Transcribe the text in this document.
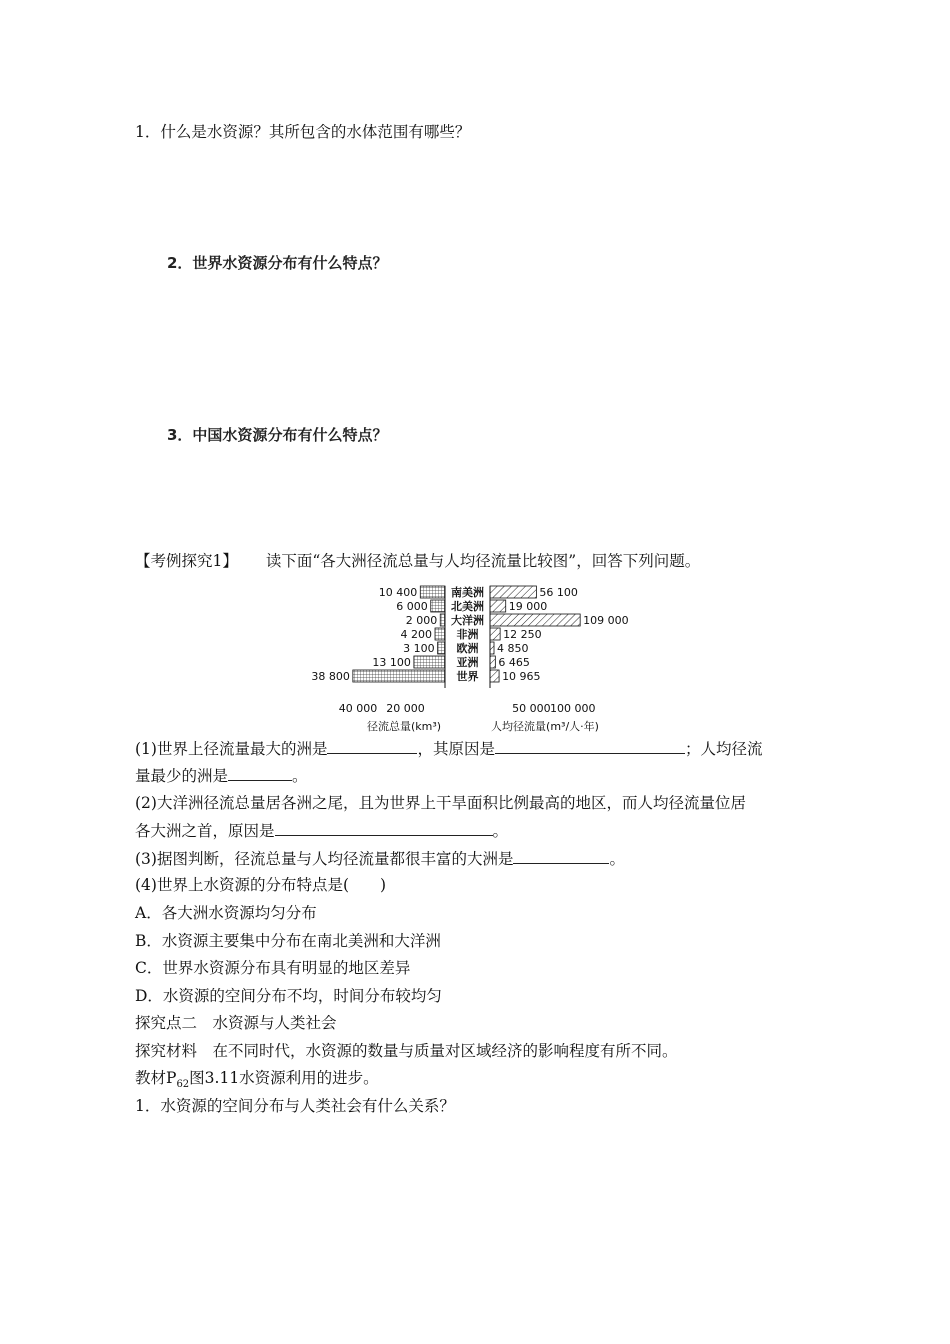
1．什么是水资源？其所包含的水体范围有哪些？
2．世界水资源分布有什么特点？
3．中国水资源分布有什么特点？
【考例探究1】 读下面“各大洲径流总量与人均径流量比较图”，回答下列问题。
10 400	南美洲	56 100
6 000 北美洲 19 000
2 000 大洋洲	109 000
4 200 非洲 12 250
3 100 欧洲 4 850
13 100	亚洲 6 465
38 800	世界 10 965
40 000 20 000	50 000 100 000
径流总量(km³)	人均径流量(m³/人·年)
(1)世界上径流量最大的洲是	，其原因是	；人均径流
量最少的洲是	。
(2)大洋洲径流总量居各洲之尾，且为世界上干旱面积比例最高的地区，而人均径流量位居
各大洲之首，原因是	。
(3)据图判断，径流总量与人均径流量都很丰富的大洲是	。
(4)世界上水资源的分布特点是(　　)
A．各大洲水资源均匀分布
B．水资源主要集中分布在南北美洲和大洋洲
C．世界水资源分布具有明显的地区差异
D．水资源的空间分布不均，时间分布较均匀
探究点二　水资源与人类社会
探究材料　在不同时代，水资源的数量与质量对区域经济的影响程度有所不同。
教材$P_{62}$图3.11水资源利用的进步。
1．水资源的空间分布与人类社会有什么关系？
